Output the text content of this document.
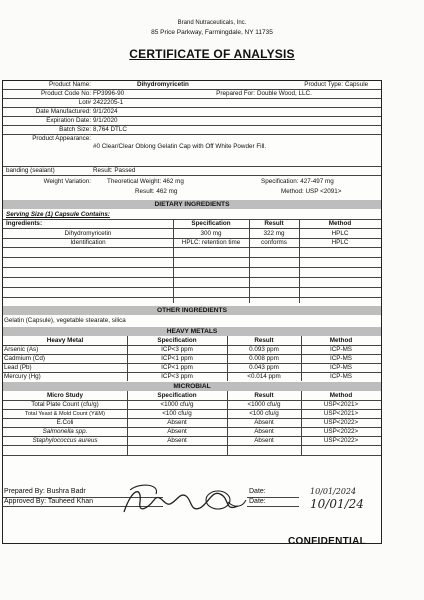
Brand Nutraceuticals, Inc.
85 Price Parkway, Farmingdale, NY 11735
CERTIFICATE OF ANALYSIS
Product Name:	Dihydromyricetin	Product Type: Capsule
Product Code No: FP3996-90	Prepared For: Double Wood, LLC.
Lot# 2422205-1
Date Manufactured: 9/1/2024
Expiration Date: 9/1/2020
Batch Size: 8,764 DTLC
Product Appearance:
#0 Clear/Clear Oblong Gelatin Cap with Off White Powder Fill.
banding (sealant)	Result: Passed
Weight Variation:	Theoretical Weight: 462 mg	Specification: 427-497 mg
Result: 462 mg	Method: USP <2091>
DIETARY INGREDIENTS
Serving Size (1) Capsule Contains:
Ingredients:	Specification	Result	Method
Dihydromyricetin	300 mg	322 mg	HPLC
Identification	HPLC: retention time	conforms	HPLC
OTHER INGREDIENTS
Gelatin (Capsule), vegetable stearate, silica
HEAVY METALS
Heavy Metal	Specification	Result	Method
Arsenic (As)	ICP<3 ppm	0.093 ppm	ICP-MS
Cadmium (Cd)	ICP<1 ppm	0.008 ppm	ICP-MS
Lead (Pb)	ICP<1 ppm	0.043 ppm	ICP-MS
Mercury (Hg)	ICP<3 ppm	<0.014 ppm	ICP-MS
MICROBIAL
Micro Study	Specification	Result	Method
Total Plate Count (cfu/g)	<1000 cfu/g	<1000 cfu/g	USP<2021>
Total Yeast & Mold Count (Y&M)	<100 cfu/g	<100 cfu/g	USP<2021>
E.Coli	Absent	Absent	USP<2022>
Salmonella spp.	Absent	Absent	USP<2022>
Staphylococcus aureus	Absent	Absent	USP<2022>
Prepared By: Bushra Badr
Approved By: Tauheed Khan
Date:
Date:
10/01/2024
10/01/24
CONFIDENTIAL
